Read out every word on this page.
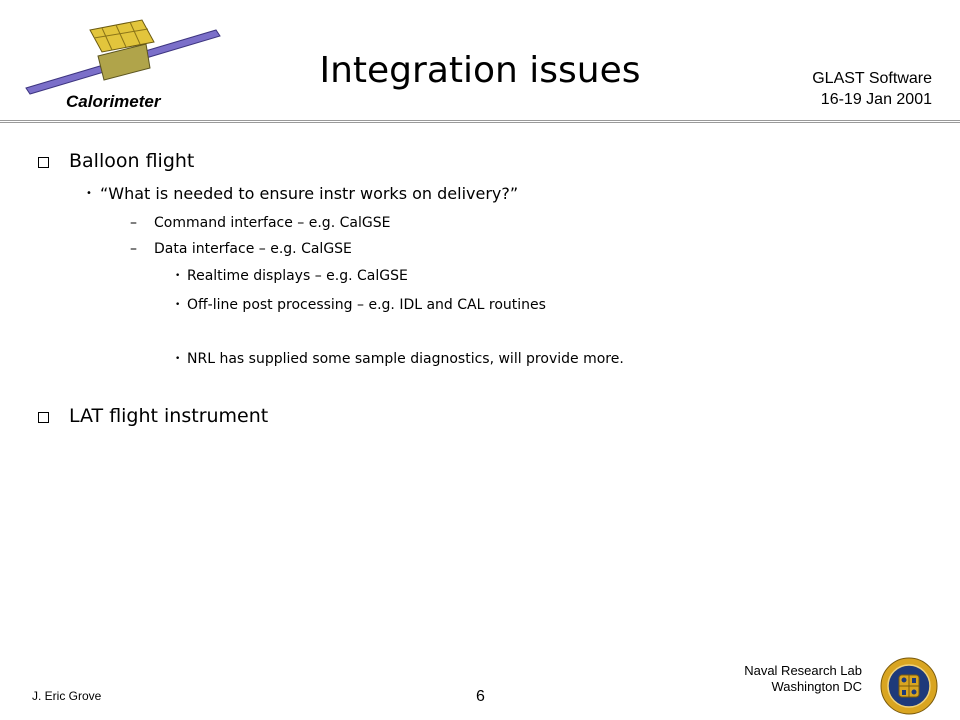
Calorimeter
Integration issues	GLAST Software
16-19 Jan 2001
Balloon flight
• “What is needed to ensure instr works on delivery?”
–	Command interface – e.g. CalGSE
–	Data interface – e.g. CalGSE
• Realtime displays – e.g. CalGSE
• Off-line post processing – e.g. IDL and CAL routines
• NRL has supplied some sample diagnostics, will provide more.
LAT flight instrument
J. Eric Grove	6
Naval Research Lab
Washington DC
